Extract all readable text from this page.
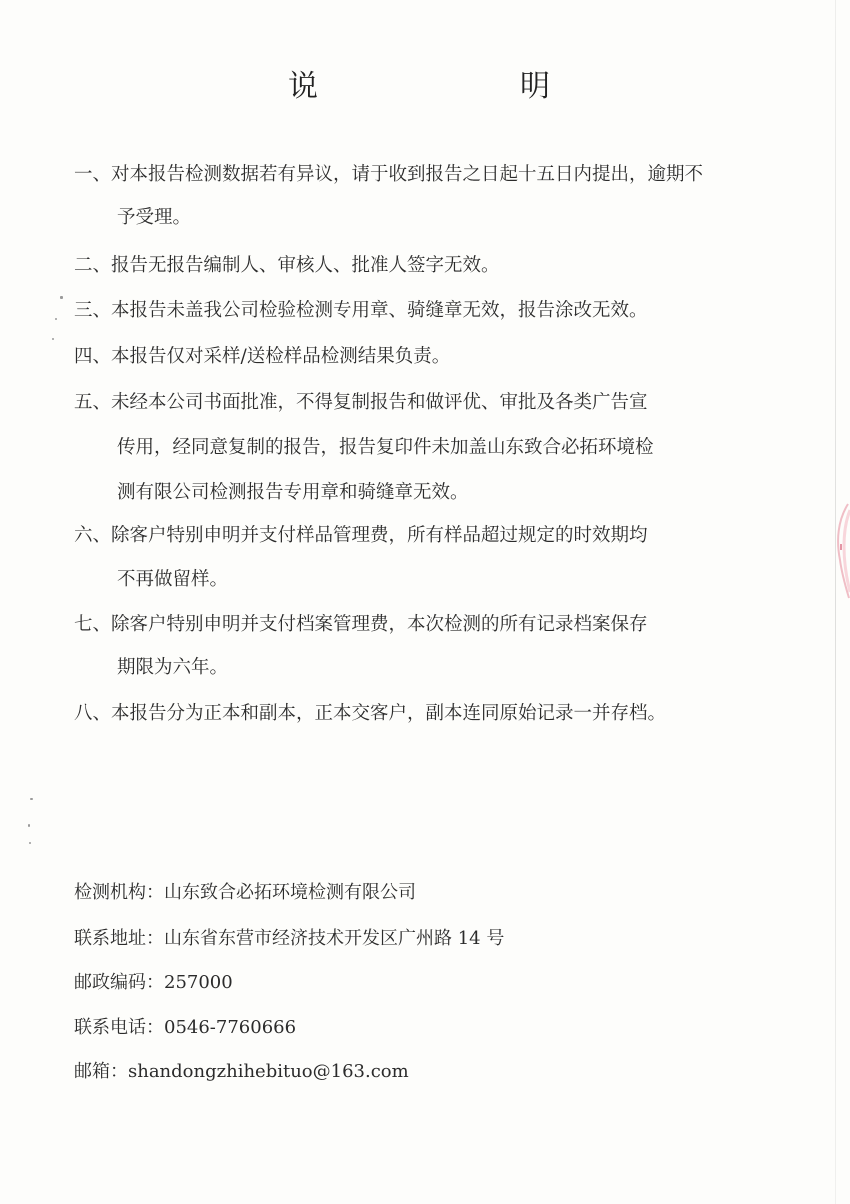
说	明
一、对本报告检测数据若有异议，请于收到报告之日起十五日内提出，逾期不
予受理。
二、报告无报告编制人、审核人、批准人签字无效。
三、本报告未盖我公司检验检测专用章、骑缝章无效，报告涂改无效。
四、本报告仅对采样/送检样品检测结果负责。
五、未经本公司书面批准，不得复制报告和做评优、审批及各类广告宣
传用，经同意复制的报告，报告复印件未加盖山东致合必拓环境检
测有限公司检测报告专用章和骑缝章无效。
六、除客户特别申明并支付样品管理费，所有样品超过规定的时效期均
不再做留样。
七、除客户特别申明并支付档案管理费，本次检测的所有记录档案保存
期限为六年。
八、本报告分为正本和副本，正本交客户，副本连同原始记录一并存档。
检测机构：山东致合必拓环境检测有限公司
联系地址：山东省东营市经济技术开发区广州路 14 号
邮政编码：257000
联系电话：0546-7760666
邮箱：shandongzhihebituo@163.com
